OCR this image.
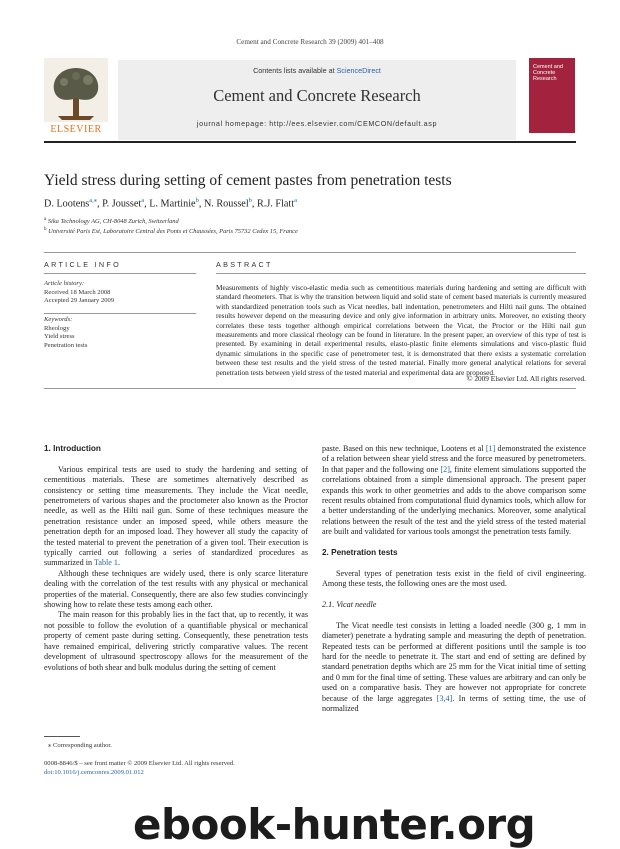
Cement and Concrete Research 39 (2009) 401–408
Contents lists available at ScienceDirect
Cement and Concrete Research
journal homepage: http://ees.elsevier.com/CEMCON/default.asp
ELSEVIER
Cement and Concrete Research
Yield stress during setting of cement pastes from penetration tests
D. Lootens$^{a,⁎}$, P. Jousset$^a$, L. Martinie$^b$, N. Roussel$^b$, R.J. Flatt$^a$
$^a$ Sika Technology AG, CH-8048 Zurich, Switzerland
$^b$ Université Paris Est, Laboratoire Central des Ponts et Chaussées, Paris 75732 Cedex 15, France
ARTICLE INFO	ABSTRACT
Article history:
Received 18 March 2008
Accepted 29 January 2009
Keywords:
Rheology
Yield stress
Penetration tests
Measurements of highly visco-elastic media such as cementitious materials during hardening and setting are difficult with standard rheometers. That is why the transition between liquid and solid state of cement based materials is currently measured with standardized penetration tools such as Vicat needles, ball indentation, penetrometers and Hilti nail guns. The obtained results however depend on the measuring device and only give information in arbitrary units. Moreover, no existing theory correlates these tests together although empirical correlations between the Vicat, the Proctor or the Hilti nail gun measurements and more classical rheology can be found in literature. In the present paper, an overview of this type of test is presented. By examining in detail experimental results, elasto-plastic finite elements simulations and visco-plastic fluid dynamic simulations in the specific case of penetrometer test, it is demonstrated that there exists a systematic correlation between these test results and the yield stress of the tested material. Finally more general analytical relations for several penetration tests between yield stress of the tested material and experimental data are proposed.
© 2009 Elsevier Ltd. All rights reserved.
1. Introduction

Various empirical tests are used to study the hardening and setting of cementitious materials. These are sometimes alternatively described as consistency or setting time measurements. They include the Vicat needle, penetrometers of various shapes and the proctometer also known as the Proctor needle, as well as the Hilti nail gun. Some of these techniques measure the penetration resistance under an imposed speed, while others measure the penetration depth for an imposed load. They however all study the capacity of the tested material to prevent the penetration of a given tool. Their execution is typically carried out following a series of standardized procedures as summarized in Table 1.

Although these techniques are widely used, there is only scarce literature dealing with the correlation of the test results with any physical or mechanical properties of the material. Consequently, there are also few studies convincingly showing how to relate these tests among each other.

The main reason for this probably lies in the fact that, up to recently, it was not possible to follow the evolution of a quantifiable physical or mechanical property of cement paste during setting. Consequently, these penetration tests have remained empirical, delivering strictly comparative values. The recent development of ultrasound spectroscopy allows for the measurement of the evolutions of both shear and bulk modulus during the setting of cement

paste. Based on this new technique, Lootens et al [1] demonstrated the existence of a relation between shear yield stress and the force measured by penetrometers. In that paper and the following one [2], finite element simulations supported the correlations obtained from a simple dimensional approach. The present paper expands this work to other geometries and adds to the above comparison some recent results obtained from computational fluid dynamics tools, which allow for a better understanding of the underlying mechanics. Moreover, some analytical relations between the result of the test and the yield stress of the tested material are built and validated for various tools amongst the penetration tests family.

2. Penetration tests

Several types of penetration tests exist in the field of civil engineering. Among these tests, the following ones are the most used.

2.1. Vicat needle

The Vicat needle test consists in letting a loaded needle (300 g, 1 mm in diameter) penetrate a hydrating sample and measuring the depth of penetration. Repeated tests can be performed at different positions until the sample is too hard for the needle to penetrate it. The start and end of setting are defined by standard penetration depths which are 25 mm for the Vicat initial time of setting and 0 mm for the final time of setting. These values are arbitrary and can only be used on a comparative basis. They are however not appropriate for concrete because of the large aggregates [3,4]. In terms of setting time, the use of normalized

⁎ Corresponding author.
0008-8846/$ – see front matter © 2009 Elsevier Ltd. All rights reserved.
doi:10.1016/j.cemconres.2009.01.012
ebook-hunter.org
